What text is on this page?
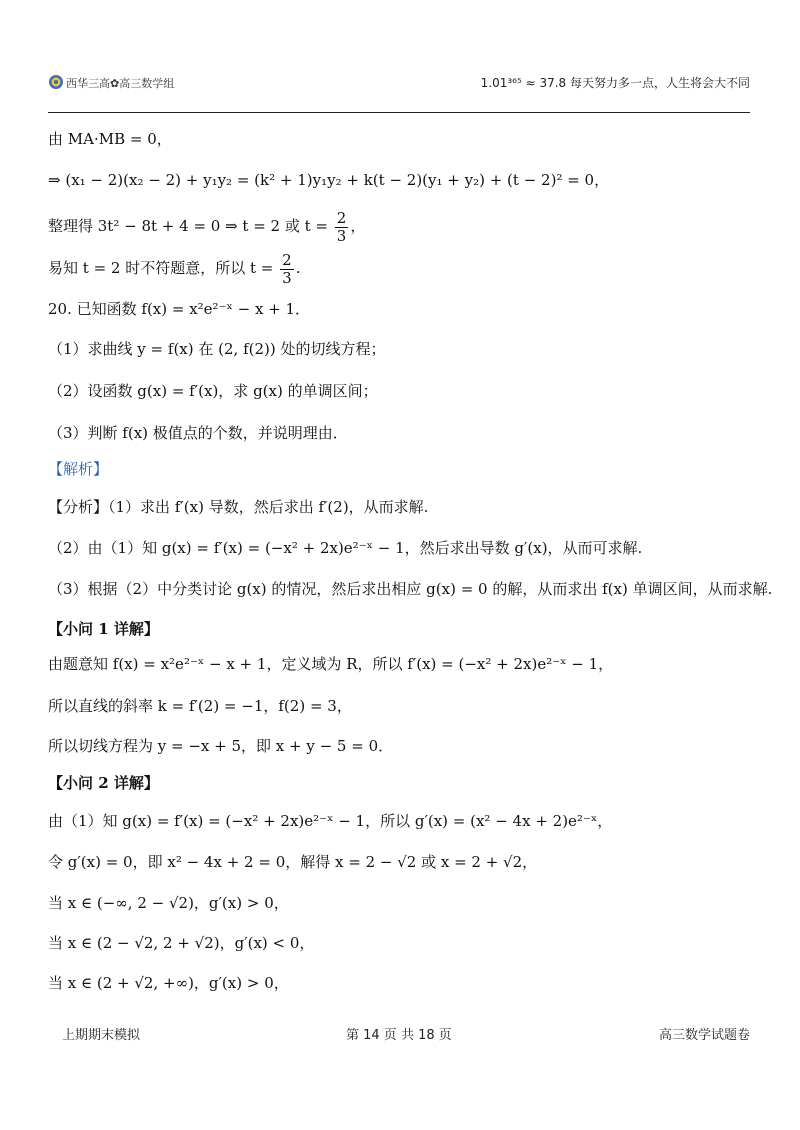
西华三高✿高三数学组	1.01³⁶⁵ ≈ 37.8 每天努力多一点，人生将会大不同
由 MA·MB = 0，
⇒ (x₁ − 2)(x₂ − 2) + y₁y₂ = (k² + 1)y₁y₂ + k(t − 2)(y₁ + y₂) + (t − 2)² = 0，
整理得 3t² − 8t + 4 = 0 ⇒ t = 2 或 $t = \frac{2}{3}$ ，
易知 t = 2 时不符题意，所以 $t = \frac{2}{3}$ .
20. 已知函数 f(x) = x²e²⁻ˣ − x + 1．
（1）求曲线 y = f(x) 在 (2, f(2)) 处的切线方程；
（2）设函数 g(x) = f′(x)，求 g(x) 的单调区间；
（3）判断 f(x) 极值点的个数，并说明理由．
【解析】
【分析】（1）求出 f′(x) 导数，然后求出 f′(2)，从而求解.
（2）由（1）知 g(x) = f′(x) = (−x² + 2x)e²⁻ˣ − 1，然后求出导数 g′(x)，从而可求解.
（3）根据（2）中分类讨论 g(x) 的情况，然后求出相应 g(x) = 0 的解，从而求出 f(x) 单调区间，从而求解.
【小问 1 详解】
由题意知 f(x) = x²e²⁻ˣ − x + 1，定义域为 R，所以 f′(x) = (−x² + 2x)e²⁻ˣ − 1，
所以直线的斜率 k = f′(2) = −1，f(2) = 3，
所以切线方程为 y = −x + 5，即 x + y − 5 = 0．
【小问 2 详解】
由（1）知 g(x) = f′(x) = (−x² + 2x)e²⁻ˣ − 1，所以 g′(x) = (x² − 4x + 2)e²⁻ˣ，
令 g′(x) = 0，即 x² − 4x + 2 = 0，解得 x = 2 − √2 或 x = 2 + √2，
当 x ∈ (−∞, 2 − √2)，g′(x) > 0，
当 x ∈ (2 − √2, 2 + √2)，g′(x) < 0，
当 x ∈ (2 + √2, +∞)，g′(x) > 0，
上期期末模拟	第 14 页 共 18 页	高三数学试题卷
